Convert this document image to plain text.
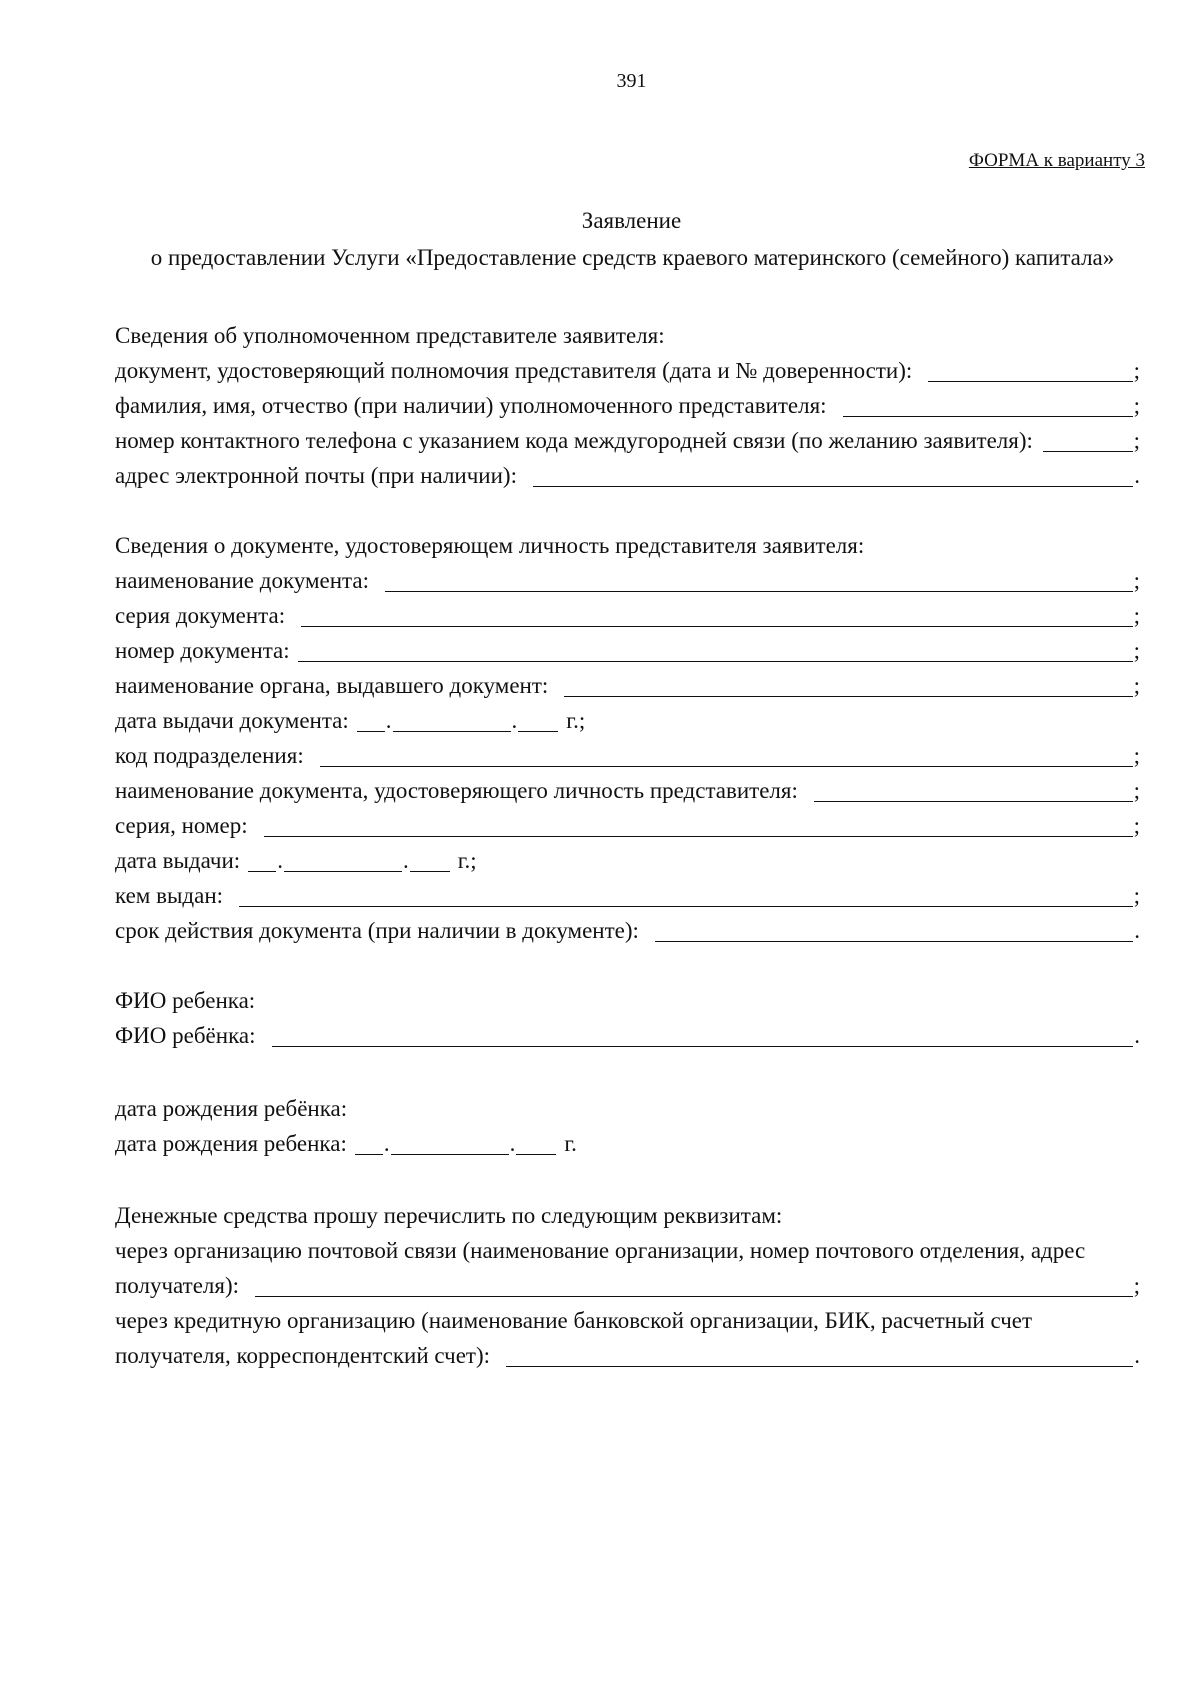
391
ФОРМА к варианту 3
Заявление
о предоставлении Услуги «Предоставление средств краевого материнского (семейного) капитала»
Сведения об уполномоченном представителе заявителя:
документ, удостоверяющий полномочия представителя (дата и № доверенности):	;
фамилия, имя, отчество (при наличии) уполномоченного представителя:	;
номер контактного телефона с указанием кода междугородней связи (по желанию заявителя):	;
адрес электронной почты (при наличии):	.
Сведения о документе, удостоверяющем личность представителя заявителя:
наименование документа:	;
серия документа:	;
номер документа:	;
наименование органа, выдавшего документ:	;
дата выдачи документа: .	. г.;
код подразделения:	;
наименование документа, удостоверяющего личность представителя:	;
серия, номер:	;
дата выдачи: .	. г.;
кем выдан:	;
срок действия документа (при наличии в документе):	.
ФИО ребенка:
ФИО ребёнка:	.
дата рождения ребёнка:
дата рождения ребенка: .	. г.
Денежные средства прошу перечислить по следующим реквизитам:
через организацию почтовой связи (наименование организации, номер почтового отделения, адрес
получателя):	;
через кредитную организацию (наименование банковской организации, БИК, расчетный счет
получателя, корреспондентский счет):	.
